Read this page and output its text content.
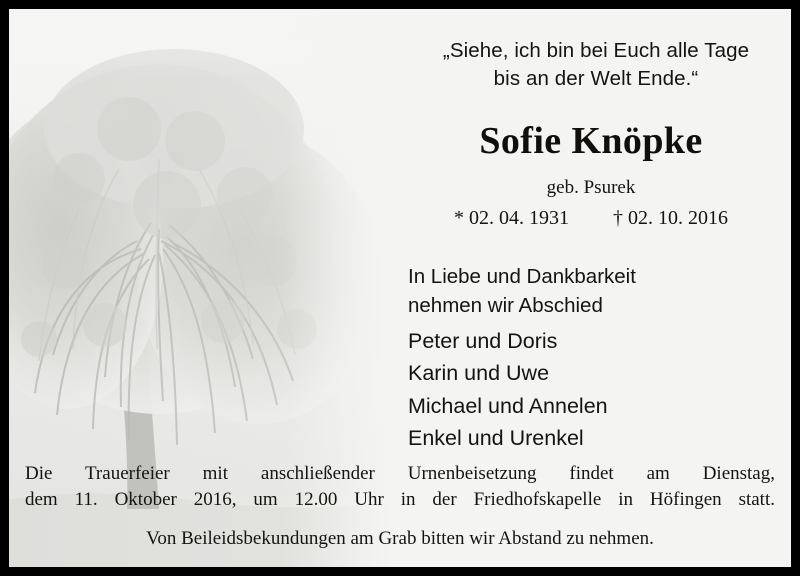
„Siehe, ich bin bei Euch alle Tage
bis an der Welt Ende.“
Sofie Knöpke
geb. Psurek
* 02. 04. 1931 † 02. 10. 2016
In Liebe und Dankbarkeit
nehmen wir Abschied
Peter und Doris
Karin und Uwe
Michael und Annelen
Enkel und Urenkel
Die Trauerfeier mit anschließender Urnenbeisetzung findet am Dienstag,
dem 11. Oktober 2016, um 12.00 Uhr in der Friedhofskapelle in Höfingen statt.
Von Beileidsbekundungen am Grab bitten wir Abstand zu nehmen.
